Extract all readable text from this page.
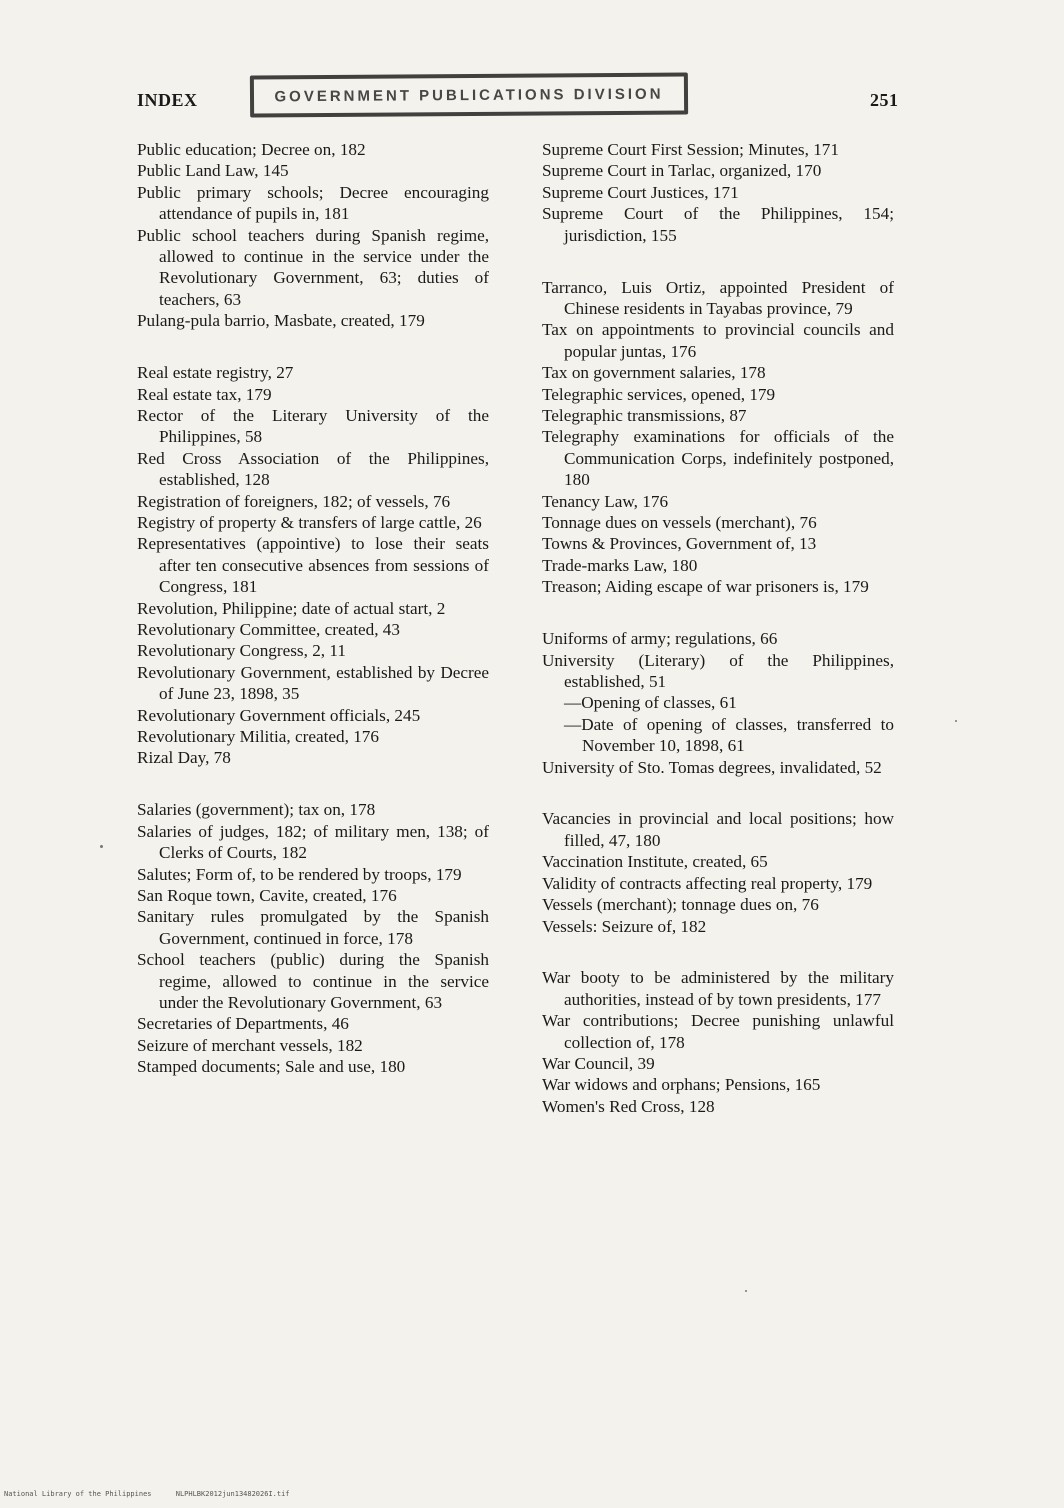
INDEX	GOVERNMENT PUBLICATIONS DIVISION	251

Public education; Decree on, 182

Public Land Law, 145

Public primary schools; Decree encouraging attendance of pupils in, 181

Public school teachers during Spanish regime, allowed to continue in the service under the Revolutionary Government, 63; duties of teachers, 63

Pulang-pula barrio, Masbate, created, 179

Real estate registry, 27

Real estate tax, 179

Rector of the Literary University of the Philippines, 58

Red Cross Association of the Philippines, established, 128

Registration of foreigners, 182; of vessels, 76

Registry of property & transfers of large cattle, 26

Representatives (appointive) to lose their seats after ten consecutive absences from sessions of Congress, 181

Revolution, Philippine; date of actual start, 2

Revolutionary Committee, created, 43

Revolutionary Congress, 2, 11

Revolutionary Government, established by Decree of June 23, 1898, 35

Revolutionary Government officials, 245

Revolutionary Militia, created, 176

Rizal Day, 78

Salaries (government); tax on, 178

Salaries of judges, 182; of military men, 138; of Clerks of Courts, 182

Salutes; Form of, to be rendered by troops, 179

San Roque town, Cavite, created, 176

Sanitary rules promulgated by the Spanish Government, continued in force, 178

School teachers (public) during the Spanish regime, allowed to continue in the service under the Revolutionary Government, 63

Secretaries of Departments, 46

Seizure of merchant vessels, 182

Stamped documents; Sale and use, 180

Supreme Court First Session; Minutes, 171

Supreme Court in Tarlac, organized, 170

Supreme Court Justices, 171

Supreme Court of the Philippines, 154; jurisdiction, 155

Tarranco, Luis Ortiz, appointed President of Chinese residents in Tayabas province, 79

Tax on appointments to provincial councils and popular juntas, 176

Tax on government salaries, 178

Telegraphic services, opened, 179

Telegraphic transmissions, 87

Telegraphy examinations for officials of the Communication Corps, indefinitely postponed, 180

Tenancy Law, 176

Tonnage dues on vessels (merchant), 76

Towns & Provinces, Government of, 13

Trade-marks Law, 180

Treason; Aiding escape of war prisoners is, 179

Uniforms of army; regulations, 66

University (Literary) of the Philippines, established, 51

—Opening of classes, 61

—Date of opening of classes, transferred to November 10, 1898, 61

University of Sto. Tomas degrees, invalidated, 52

Vacancies in provincial and local positions; how filled, 47, 180

Vaccination Institute, created, 65

Validity of contracts affecting real property, 179

Vessels (merchant); tonnage dues on, 76

Vessels: Seizure of, 182

War booty to be administered by the military authorities, instead of by town presidents, 177

War contributions; Decree punishing unlawful collection of, 178

War Council, 39

War widows and orphans; Pensions, 165

Women's Red Cross, 128

National Library of the Philippines	NLPHLBK2012jun13482026I.tif
